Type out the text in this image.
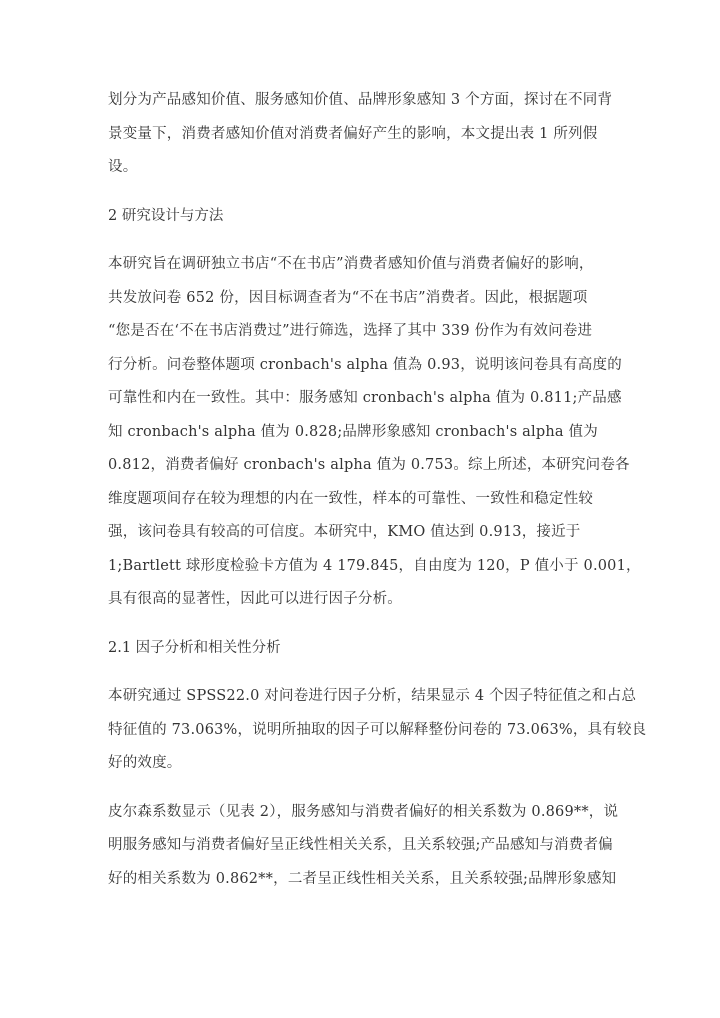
划分为产品感知价值、服务感知价值、品牌形象感知 3 个方面，探讨在不同背
景变量下，消费者感知价值对消费者偏好产生的影响，本文提出表 1 所列假
设。

2 研究设计与方法

本研究旨在调研独立书店“不在书店”消费者感知价值与消费者偏好的影响，
共发放问卷 652 份，因目标调查者为“不在书店”消费者。因此，根据题项
“您是否在‘不在书店消费过”进行筛选，选择了其中 339 份作为有效问卷进
行分析。问卷整体题项 cronbach's alpha 值為 0.93，说明该问卷具有高度的
可靠性和内在一致性。其中：服务感知 cronbach's alpha 值为 0.811;产品感
知 cronbach's alpha 值为 0.828;品牌形象感知 cronbach's alpha 值为
0.812，消费者偏好 cronbach's alpha 值为 0.753。综上所述，本研究问卷各
维度题项间存在较为理想的内在一致性，样本的可靠性、一致性和稳定性较
强，该问卷具有较高的可信度。本研究中，KMO 值达到 0.913，接近于
1;Bartlett 球形度检验卡方值为 4 179.845，自由度为 120，P 值小于 0.001，
具有很高的显著性，因此可以进行因子分析。

2.1 因子分析和相关性分析

本研究通过 SPSS22.0 对问卷进行因子分析，结果显示 4 个因子特征值之和占总
特征值的 73.063%，说明所抽取的因子可以解释整份问卷的 73.063%，具有较良
好的效度。

皮尔森系数显示（见表 2），服务感知与消费者偏好的相关系数为 0.869**，说
明服务感知与消费者偏好呈正线性相关关系，且关系较强;产品感知与消费者偏
好的相关系数为 0.862**，二者呈正线性相关关系，且关系较强;品牌形象感知
